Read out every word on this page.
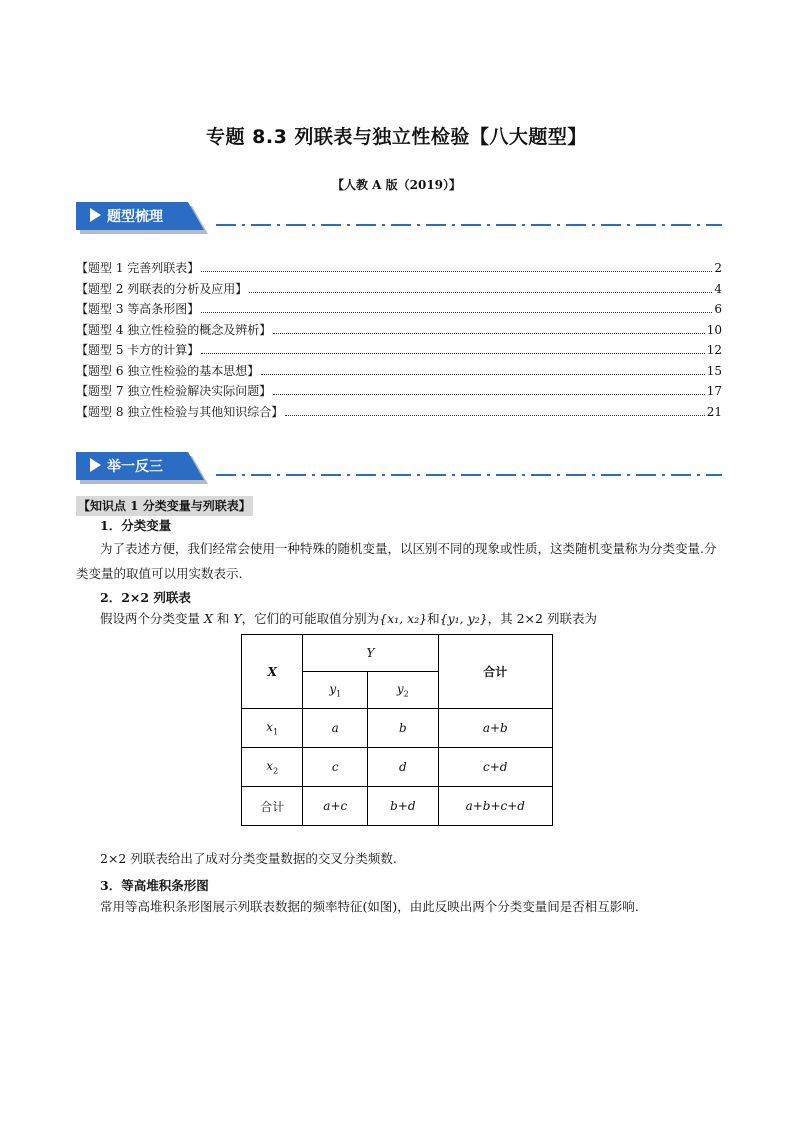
专题 8.3 列联表与独立性检验【八大题型】
【人教 A 版（2019）】
题型梳理
【题型 1 完善列联表】	2
【题型 2 列联表的分析及应用】	4
【题型 3 等高条形图】	6
【题型 4 独立性检验的概念及辨析】	10
【题型 5 卡方的计算】	12
【题型 6 独立性检验的基本思想】	15
【题型 7 独立性检验解决实际问题】	17
【题型 8 独立性检验与其他知识综合】	21
举一反三
【知识点 1 分类变量与列联表】
1．分类变量
为了表述方便，我们经常会使用一种特殊的随机变量，以区别不同的现象或性质，这类随机变量称为分类变量.分类变量的取值可以用实数表示.
2．2×2 列联表
假设两个分类变量 X 和 Y，它们的可能取值分别为{x₁, x₂}和{y₁, y₂}，其 2×2 列联表为
X	Y		合计
	$y_1$	$y_2$
$x_1$	a	b	a+b
$x_2$	c	d	c+d
合计	a+c	b+d	a+b+c+d
2×2 列联表给出了成对分类变量数据的交叉分类频数.
3．等高堆积条形图
常用等高堆积条形图展示列联表数据的频率特征(如图)，由此反映出两个分类变量间是否相互影响.
